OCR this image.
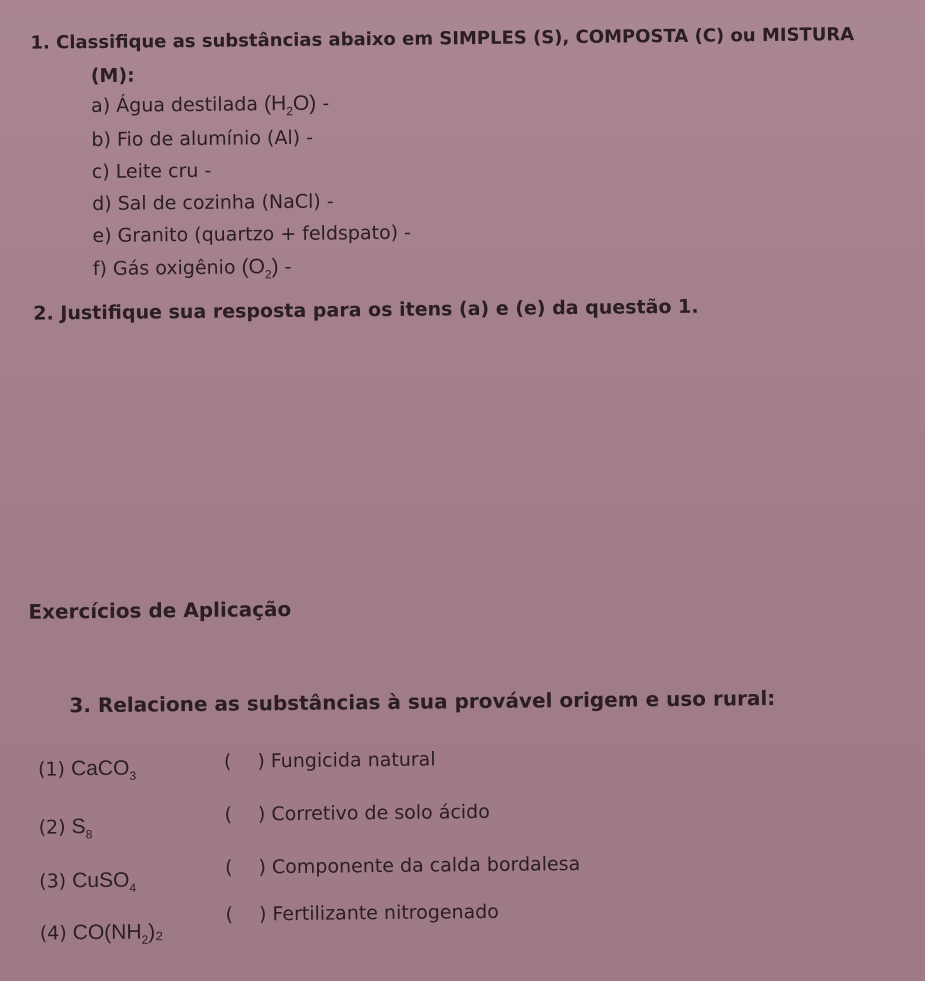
1. Classifique as substâncias abaixo em SIMPLES (S), COMPOSTA (C) ou MISTURA
(M):
a) Água destilada $(H_2O)$ -
b) Fio de alumínio (Al) -
c) Leite cru -
d) Sal de cozinha (NaCl) -
e) Granito (quartzo + feldspato) -
f) Gás oxigênio $(O_2)$ -
2. Justifique sua resposta para os itens (a) e (e) da questão 1.
Exercícios de Aplicação
3. Relacione as substâncias à sua provável origem e uso rural:
(1) CaCO$_3$
(2) $S_8$
(3) CuSO$_4$
(4) $CO(NH_2)_2$
( ) Fungicida natural
( ) Corretivo de solo ácido
( ) Componente da calda bordalesa
( ) Fertilizante nitrogenado
